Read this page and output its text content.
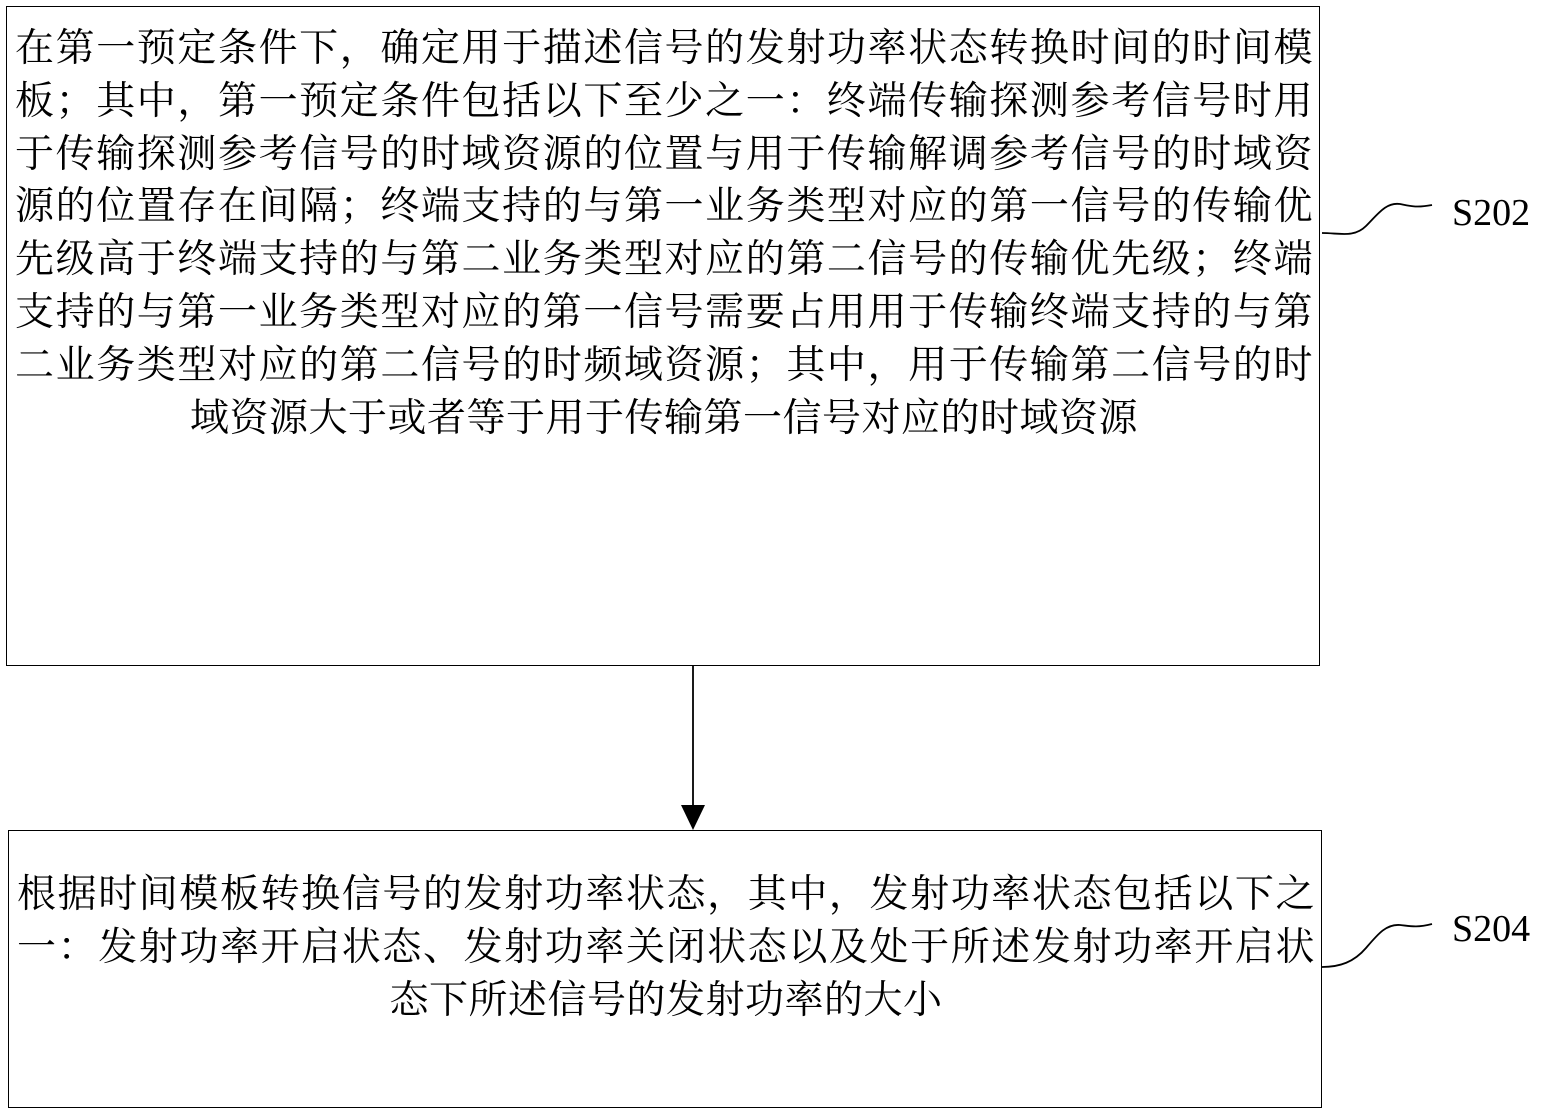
在第一预定条件下，确定用于描述信号的发射功率状态转换时间的时间模板；其中，第一预定条件包括以下至少之一：终端传输探测参考信号时用于传输探测参考信号的时域资源的位置与用于传输解调参考信号的时域资源的位置存在间隔；终端支持的与第一业务类型对应的第一信号的传输优先级高于终端支持的与第二业务类型对应的第二信号的传输优先级；终端支持的与第一业务类型对应的第一信号需要占用用于传输终端支持的与第二业务类型对应的第二信号的时频域资源；其中，用于传输第二信号的时域资源大于或者等于用于传输第一信号对应的时域资源

根据时间模板转换信号的发射功率状态，其中，发射功率状态包括以下之一：发射功率开启状态、发射功率关闭状态以及处于所述发射功率开启状态下所述信号的发射功率的大小

S202
S204
